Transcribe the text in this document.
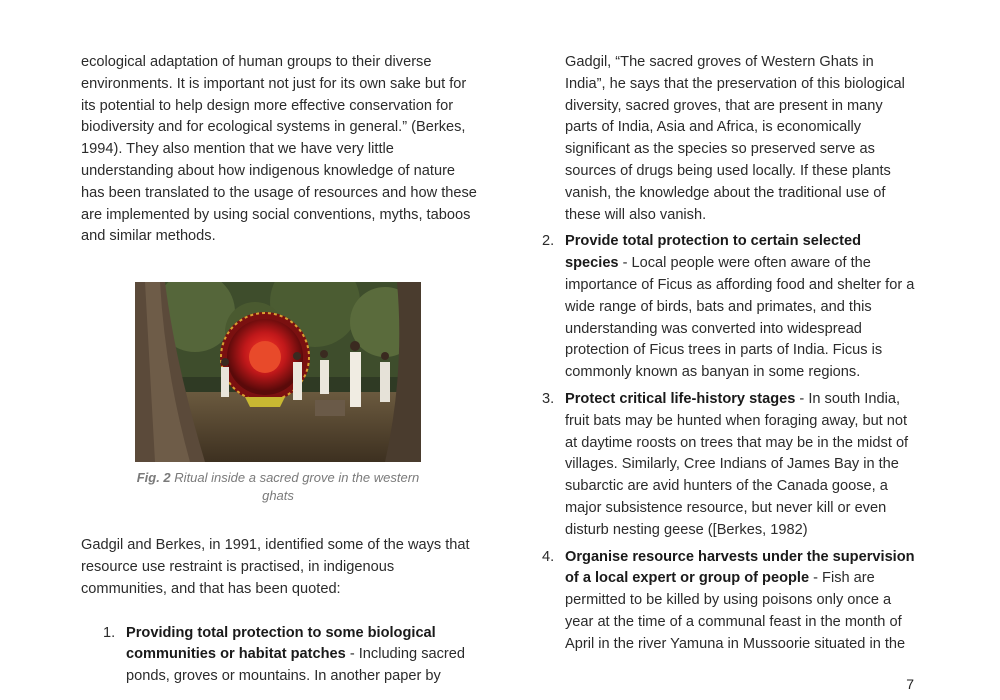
ecological adaptation of human groups to their diverse environments. It is important not just for its own sake but for its potential to help design more effective conservation for biodiversity and for ecological systems in general.” (Berkes, 1994). They also mention that we have very little understanding about how indigenous knowledge of nature has been translated to the usage of resources and how these are implemented by using social conventions, myths, taboos and similar methods.

Fig. 2 Ritual inside a sacred grove in the western ghats

Gadgil and Berkes, in 1991, identified some of the ways that resource use restraint is practised, in indigenous communities, and that has been quoted:

1. Providing total protection to some biological communities or habitat patches - Including sacred ponds, groves or mountains. In another paper by

Gadgil, “The sacred groves of Western Ghats in India”, he says that the preservation of this biological diversity, sacred groves, that are present in many parts of India, Asia and Africa, is economically significant as the species so preserved serve as sources of drugs being used locally. If these plants vanish, the knowledge about the traditional use of these will also vanish.

2. Provide total protection to certain selected species - Local people were often aware of the importance of Ficus as affording food and shelter for a wide range of birds, bats and primates, and this understanding was converted into widespread protection of Ficus trees in parts of India. Ficus is commonly known as banyan in some regions.
3. Protect critical life-history stages - In south India, fruit bats may be hunted when foraging away, but not at daytime roosts on trees that may be in the midst of villages. Similarly, Cree Indians of James Bay in the subarctic are avid hunters of the Canada goose, a major subsistence resource, but never kill or even disturb nesting geese ([Berkes, 1982)
4. Organise resource harvests under the supervision of a local expert or group of people - Fish are permitted to be killed by using poisons only once a year at the time of a communal feast in the month of April in the river Yamuna in Mussoorie situated in the
7
